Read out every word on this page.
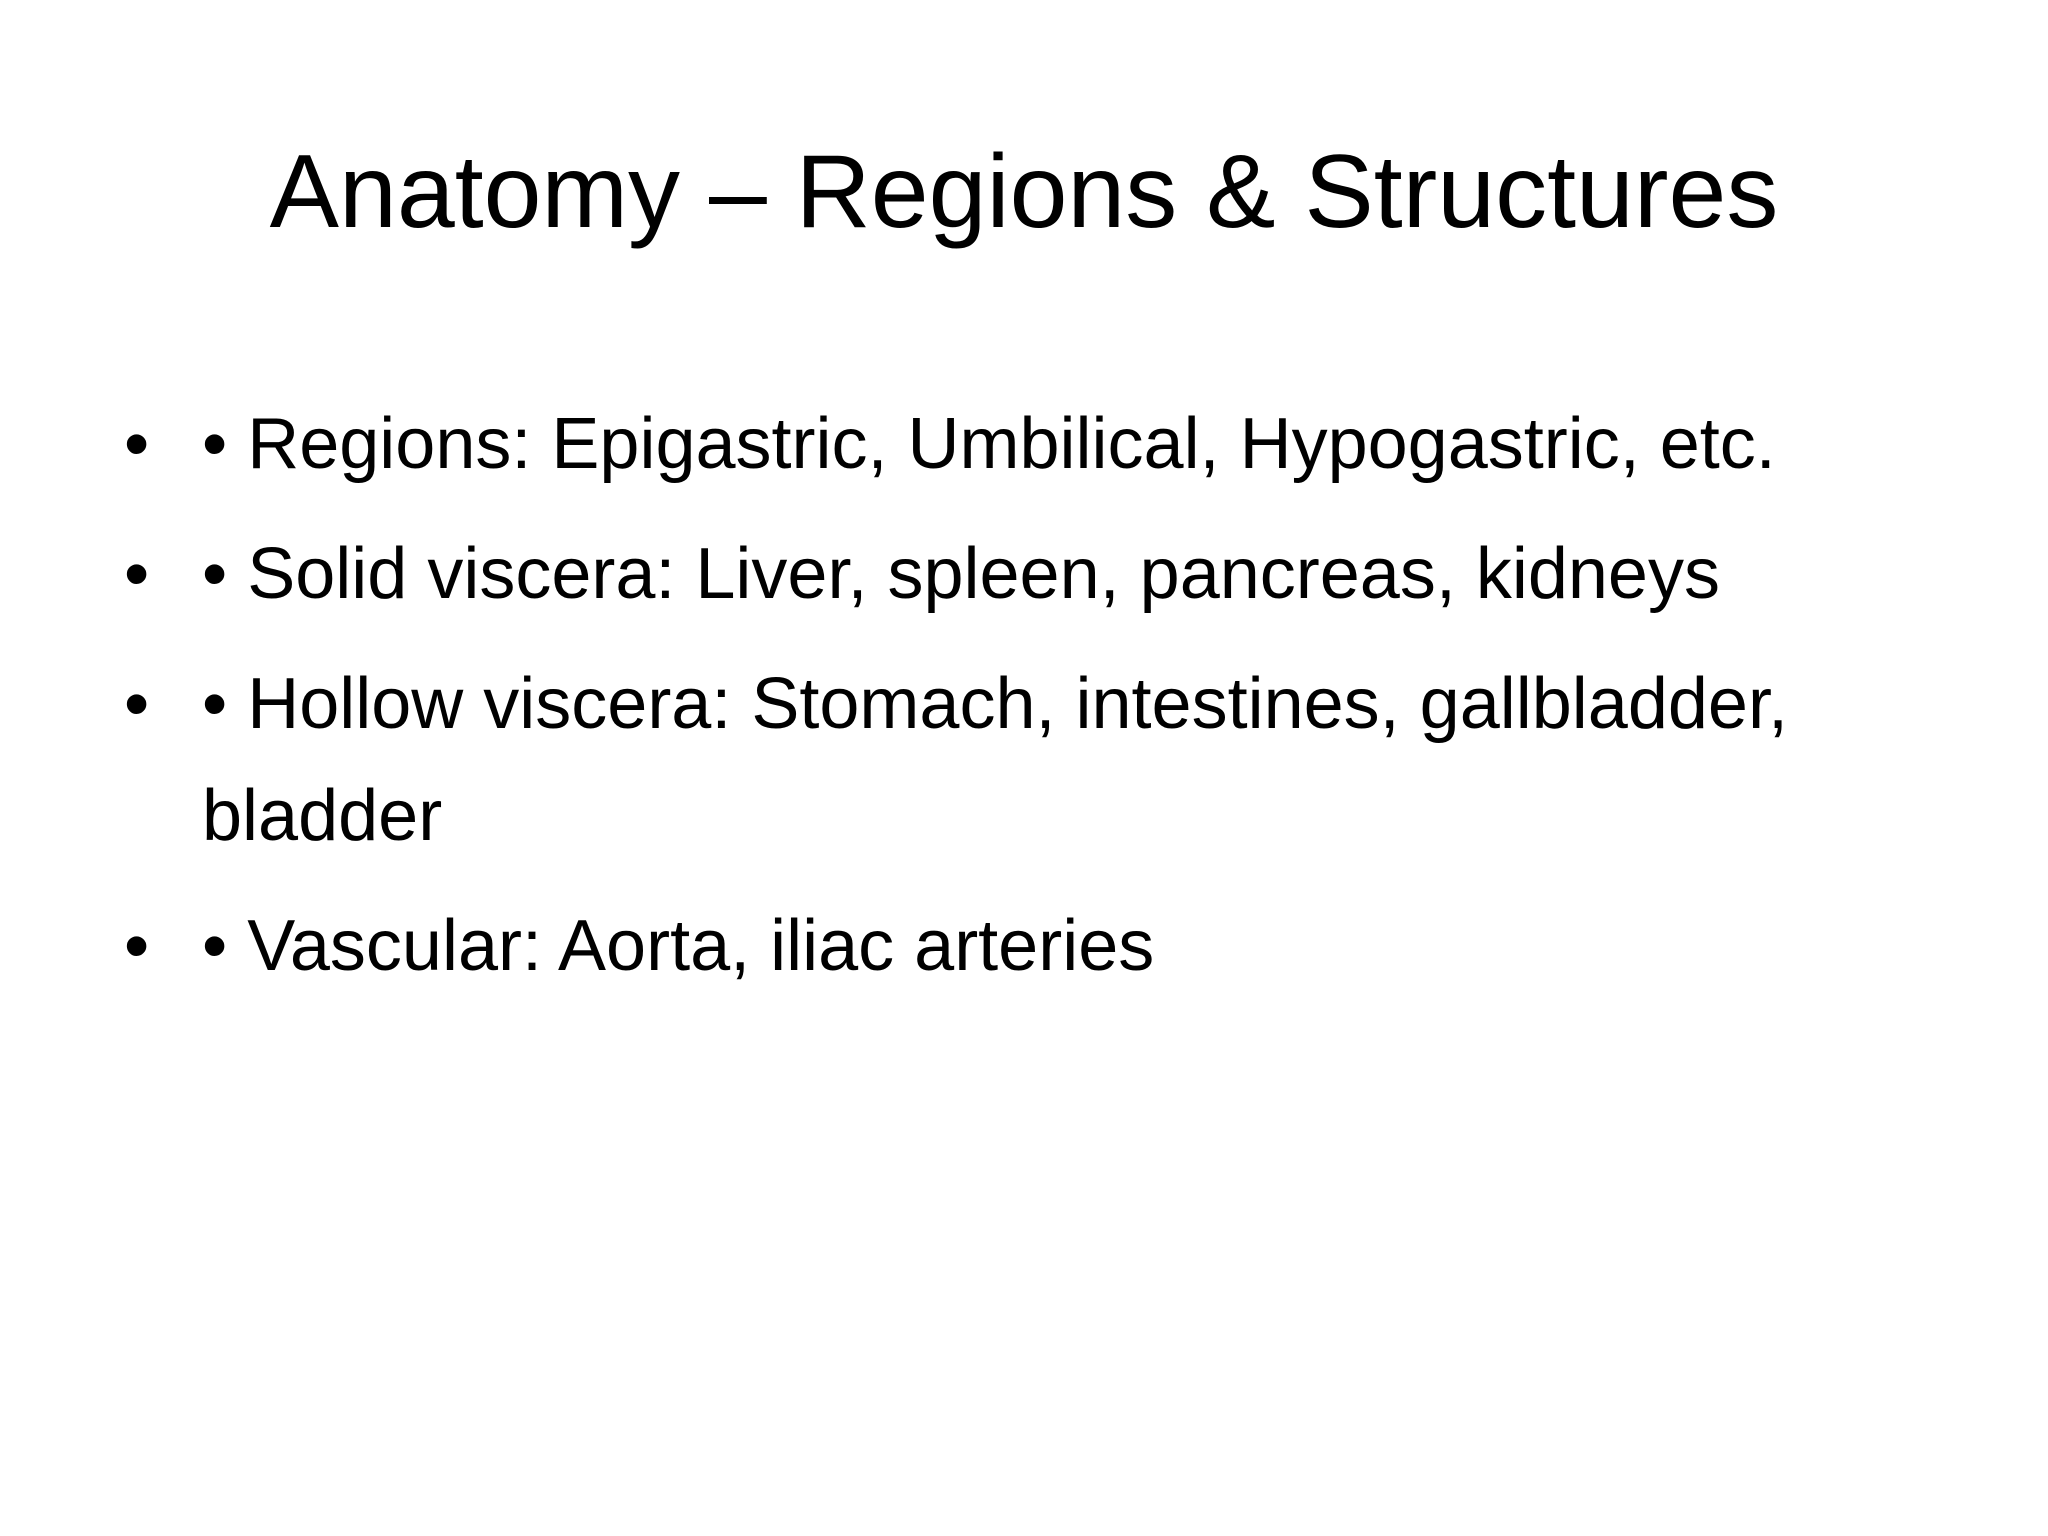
Anatomy – Regions & Structures
• • Regions: Epigastric, Umbilical, Hypogastric, etc.
• • Solid viscera: Liver, spleen, pancreas, kidneys
• • Hollow viscera: Stomach, intestines, gallbladder, bladder
• • Vascular: Aorta, iliac arteries
